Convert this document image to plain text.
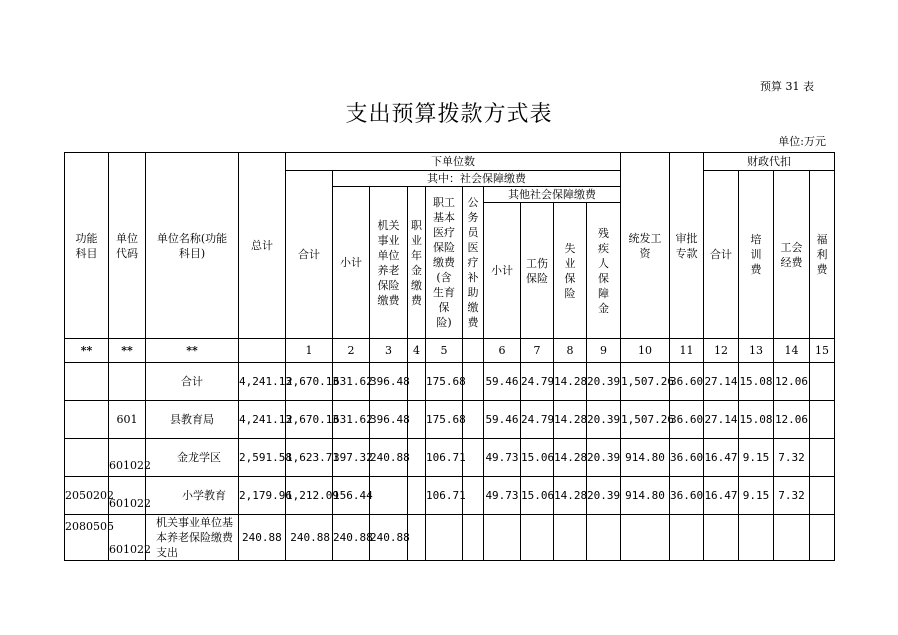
预算 31 表
支出预算拨款方式表
单位:万元
功能科目	单位代码	单位名称(功能科目)	总计	下单位数										统发工资	审批专款	财政代扣			
				合计	其中：社会保障缴费											合计	培训费	工会经费	福利费

					小计	机关事业单位养老保险缴费	职业年金缴费	职工基本医疗保险缴费(含生育保险)	公务员医疗补助缴费	其他社会保障缴费									
										小计	工伤保险	失业保险	残疾人保障金						

**	**	**		1	2	3	4	5		6	7	8	9	10	11	12	13	14	15
		合计	4,241.13	2,670.13	631.62	396.48		175.68		59.46	24.79	14.28	20.39	1,507.26	36.60	27.14	15.08	12.06	
	601	县教育局	4,241.13	2,670.13	631.62	396.48		175.68		59.46	24.79	14.28	20.39	1,507.26	36.60	27.14	15.08	12.06	
	601022	金龙学区	2,591.58	1,623.71	397.32	240.88		106.71		49.73	15.06	14.28	20.39	914.80	36.60	16.47	9.15	7.32	
2050202	601022	小学教育	2,179.96	1,212.09	156.44			106.71		49.73	15.06	14.28	20.39	914.80	36.60	16.47	9.15	7.32	
2080505	601022	机关事业单位基本养老保险缴费支出	240.88	240.88	240.88	240.88													
